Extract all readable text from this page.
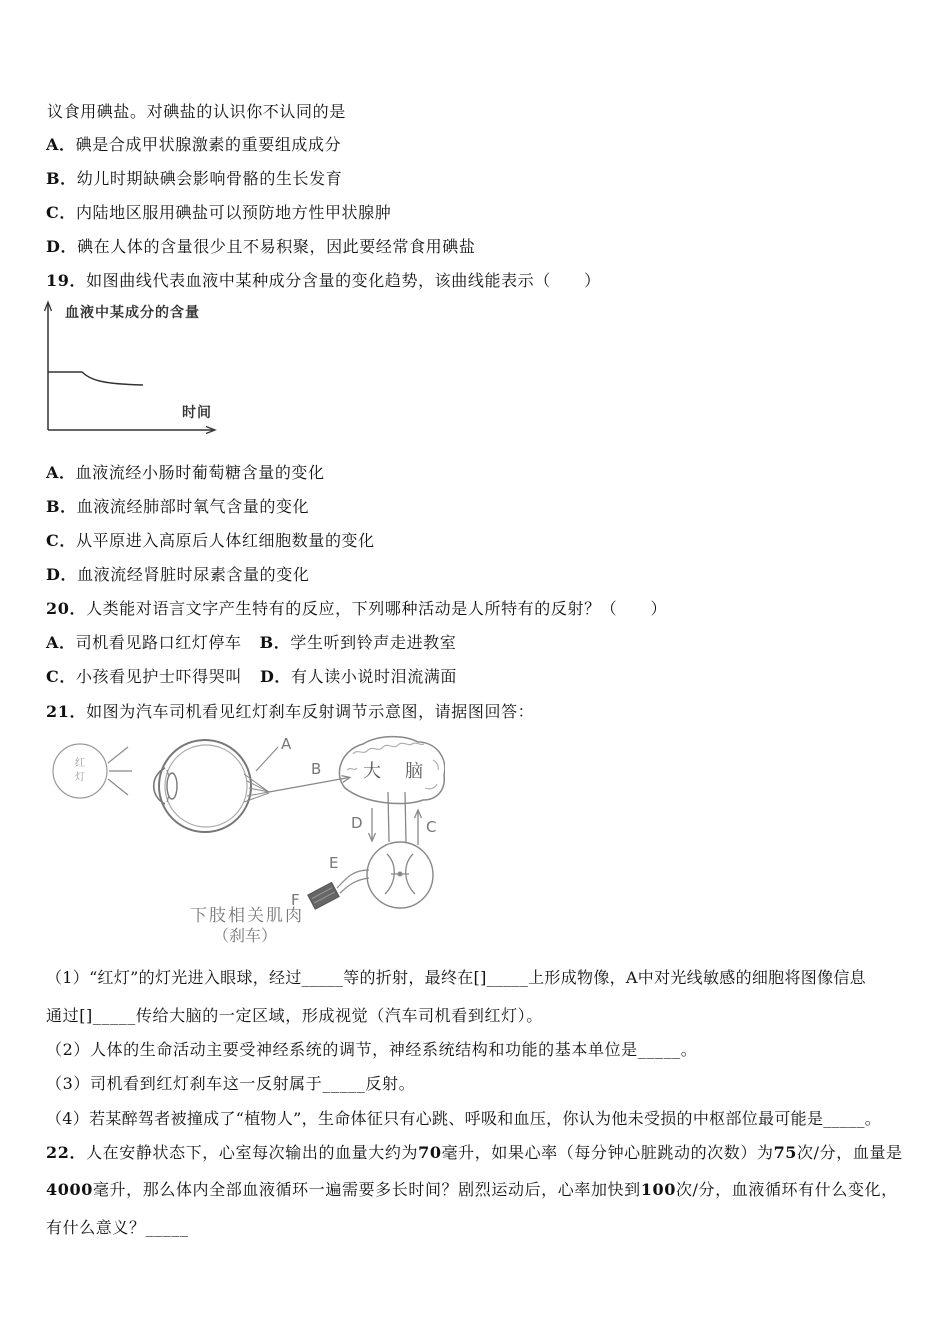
议食用碘盐。对碘盐的认识你不认同的是
A．碘是合成甲状腺激素的重要组成成分
B．幼儿时期缺碘会影响骨骼的生长发育
C．内陆地区服用碘盐可以预防地方性甲状腺肿
D．碘在人体的含量很少且不易积聚，因此要经常食用碘盐
19．如图曲线代表血液中某种成分含量的变化趋势，该曲线能表示（　　）
血液中某成分的含量
时间
A．血液流经小肠时葡萄糖含量的变化
B．血液流经肺部时氧气含量的变化
C．从平原进入高原后人体红细胞数量的变化
D．血液流经肾脏时尿素含量的变化
20．人类能对语言文字产生特有的反应，下列哪种活动是人所特有的反射？（　　）
A．司机看见路口红灯停车 B．学生听到铃声走进教室
C．小孩看见护士吓得哭叫 D．有人读小说时泪流满面
21．如图为汽车司机看见红灯刹车反射调节示意图，请据图回答：
红
灯
A
B 大 脑
D	C
E
F
下肢相关肌肉
（刹车）
（1）“红灯”的灯光进入眼球，经过_____等的折射，最终在[]_____上形成物像，A中对光线敏感的细胞将图像信息
通过[]_____传给大脑的一定区域，形成视觉（汽车司机看到红灯）。
（2）人体的生命活动主要受神经系统的调节，神经系统结构和功能的基本单位是_____。
（3）司机看到红灯刹车这一反射属于_____反射。
（4）若某醉驾者被撞成了“植物人”，生命体征只有心跳、呼吸和血压，你认为他未受损的中枢部位最可能是_____。
22．人在安静状态下，心室每次输出的血量大约为70毫升，如果心率（每分钟心脏跳动的次数）为75次/分，血量是
4000毫升，那么体内全部血液循环一遍需要多长时间？剧烈运动后，心率加快到100次/分，血液循环有什么变化，
有什么意义？_____
